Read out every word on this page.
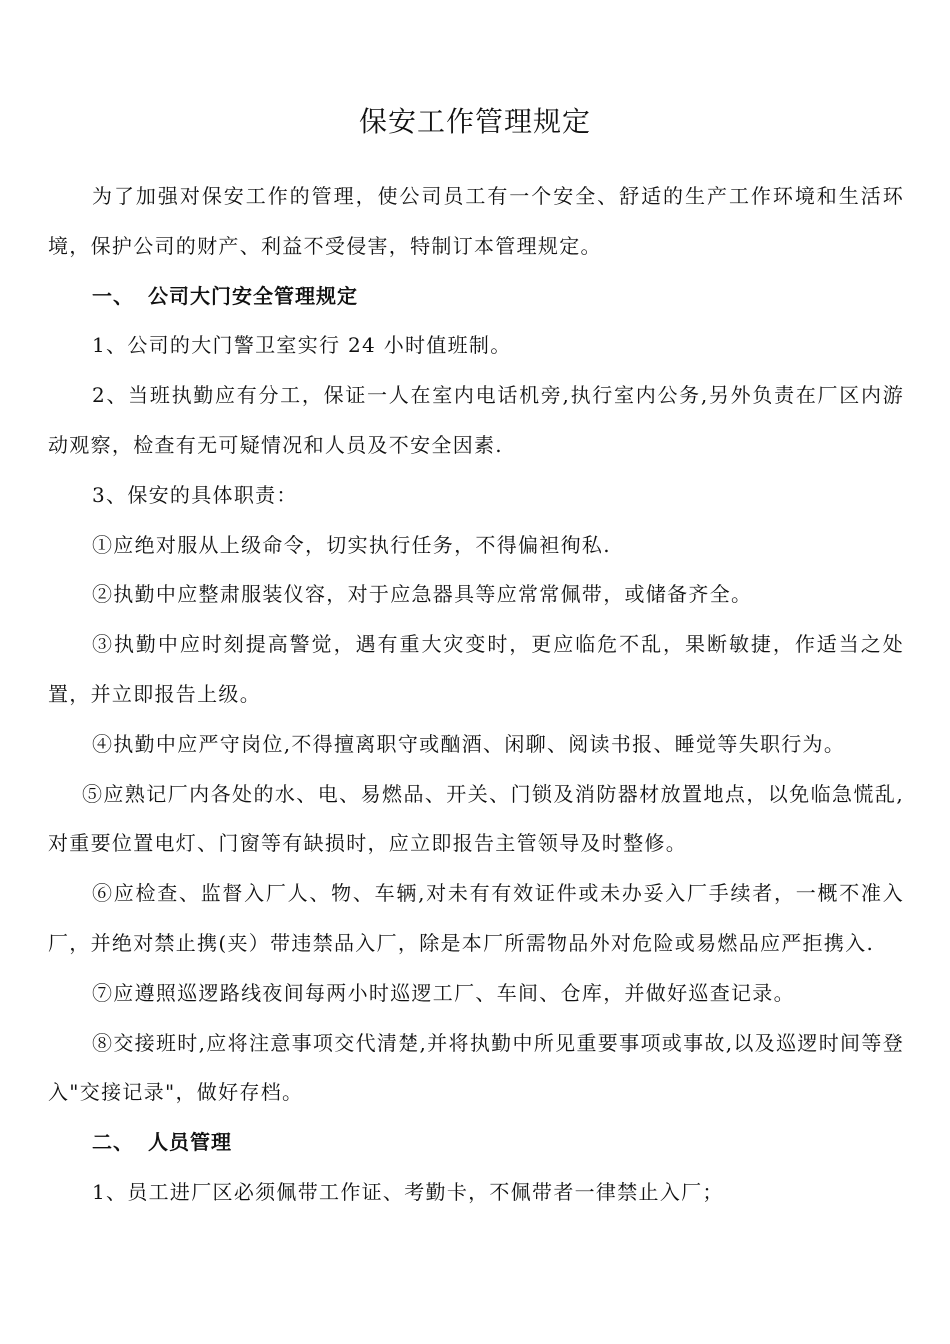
保安工作管理规定

为了加强对保安工作的管理，使公司员工有一个安全、舒适的生产工作环境和生活环境，保护公司的财产、利益不受侵害，特制订本管理规定。

一、 公司大门安全管理规定

1、公司的大门警卫室实行 24 小时值班制。

2、当班执勤应有分工，保证一人在室内电话机旁,执行室内公务,另外负责在厂区内游动观察，检查有无可疑情况和人员及不安全因素.

3、保安的具体职责：

①应绝对服从上级命令，切实执行任务，不得偏袒徇私.

②执勤中应整肃服装仪容，对于应急器具等应常常佩带，或储备齐全。

③执勤中应时刻提高警觉，遇有重大灾变时，更应临危不乱，果断敏捷，作适当之处置，并立即报告上级。

④执勤中应严守岗位,不得擅离职守或酗酒、闲聊、阅读书报、睡觉等失职行为。

⑤应熟记厂内各处的水、电、易燃品、开关、门锁及消防器材放置地点，以免临急慌乱,对重要位置电灯、门窗等有缺损时，应立即报告主管领导及时整修。

⑥应检查、监督入厂人、物、车辆,对未有有效证件或未办妥入厂手续者，一概不准入厂，并绝对禁止携(夹）带违禁品入厂，除是本厂所需物品外对危险或易燃品应严拒携入.

⑦应遵照巡逻路线夜间每两小时巡逻工厂、车间、仓库，并做好巡查记录。

⑧交接班时,应将注意事项交代清楚,并将执勤中所见重要事项或事故,以及巡逻时间等登入"交接记录"，做好存档。

二、 人员管理

1、员工进厂区必须佩带工作证、考勤卡，不佩带者一律禁止入厂；
